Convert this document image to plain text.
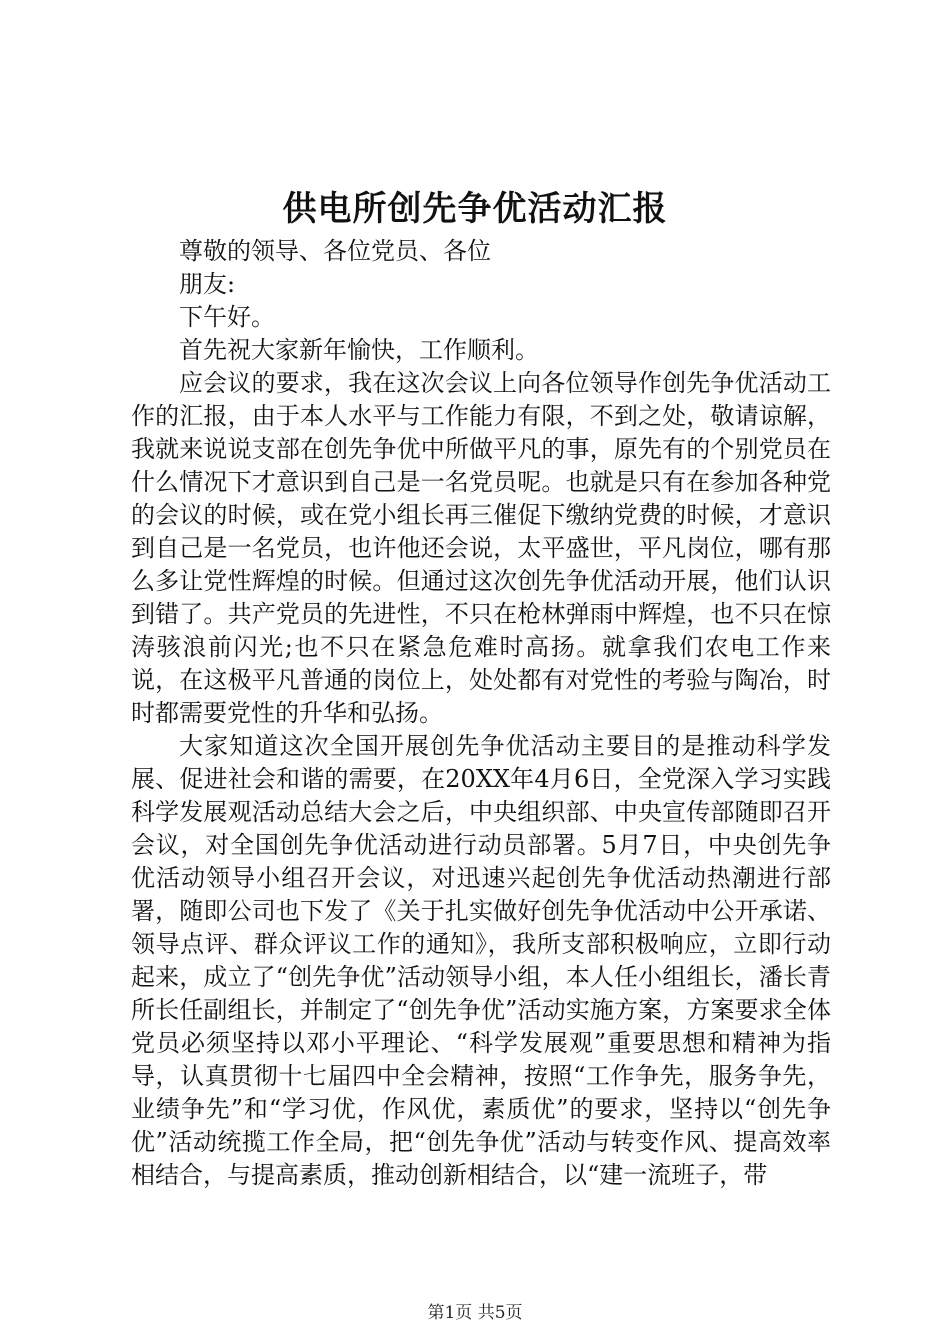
供电所创先争优活动汇报

尊敬的领导、各位党员、各位

朋友:

下午好。

首先祝大家新年愉快，工作顺利。

应会议的要求，我在这次会议上向各位领导作创先争优活动工作的汇报，由于本人水平与工作能力有限，不到之处，敬请谅解，我就来说说支部在创先争优中所做平凡的事，原先有的个别党员在什么情况下才意识到自己是一名党员呢。也就是只有在参加各种党的会议的时候，或在党小组长再三催促下缴纳党费的时候，才意识到自己是一名党员，也许他还会说，太平盛世，平凡岗位，哪有那么多让党性辉煌的时候。但通过这次创先争优活动开展，他们认识到错了。共产党员的先进性，不只在枪林弹雨中辉煌，也不只在惊涛骇浪前闪光;也不只在紧急危难时高扬。就拿我们农电工作来说，在这极平凡普通的岗位上，处处都有对党性的考验与陶冶，时时都需要党性的升华和弘扬。

大家知道这次全国开展创先争优活动主要目的是推动科学发展、促进社会和谐的需要，在20XX年4月6日，全党深入学习实践科学发展观活动总结大会之后，中央组织部、中央宣传部随即召开会议，对全国创先争优活动进行动员部署。5月7日，中央创先争优活动领导小组召开会议，对迅速兴起创先争优活动热潮进行部署，随即公司也下发了《关于扎实做好创先争优活动中公开承诺、领导点评、群众评议工作的通知》，我所支部积极响应，立即行动起来，成立了“创先争优”活动领导小组，本人任小组组长，潘长青所长任副组长，并制定了“创先争优”活动实施方案，方案要求全体党员必须坚持以邓小平理论、“科学发展观”重要思想和精神为指导，认真贯彻十七届四中全会精神，按照“工作争先，服务争先，业绩争先”和“学习优，作风优，素质优”的要求，坚持以“创先争优”活动统揽工作全局，把“创先争优”活动与转变作风、提高效率相结合，与提高素质，推动创新相结合，以“建一流班子，带

第1页 共5页
